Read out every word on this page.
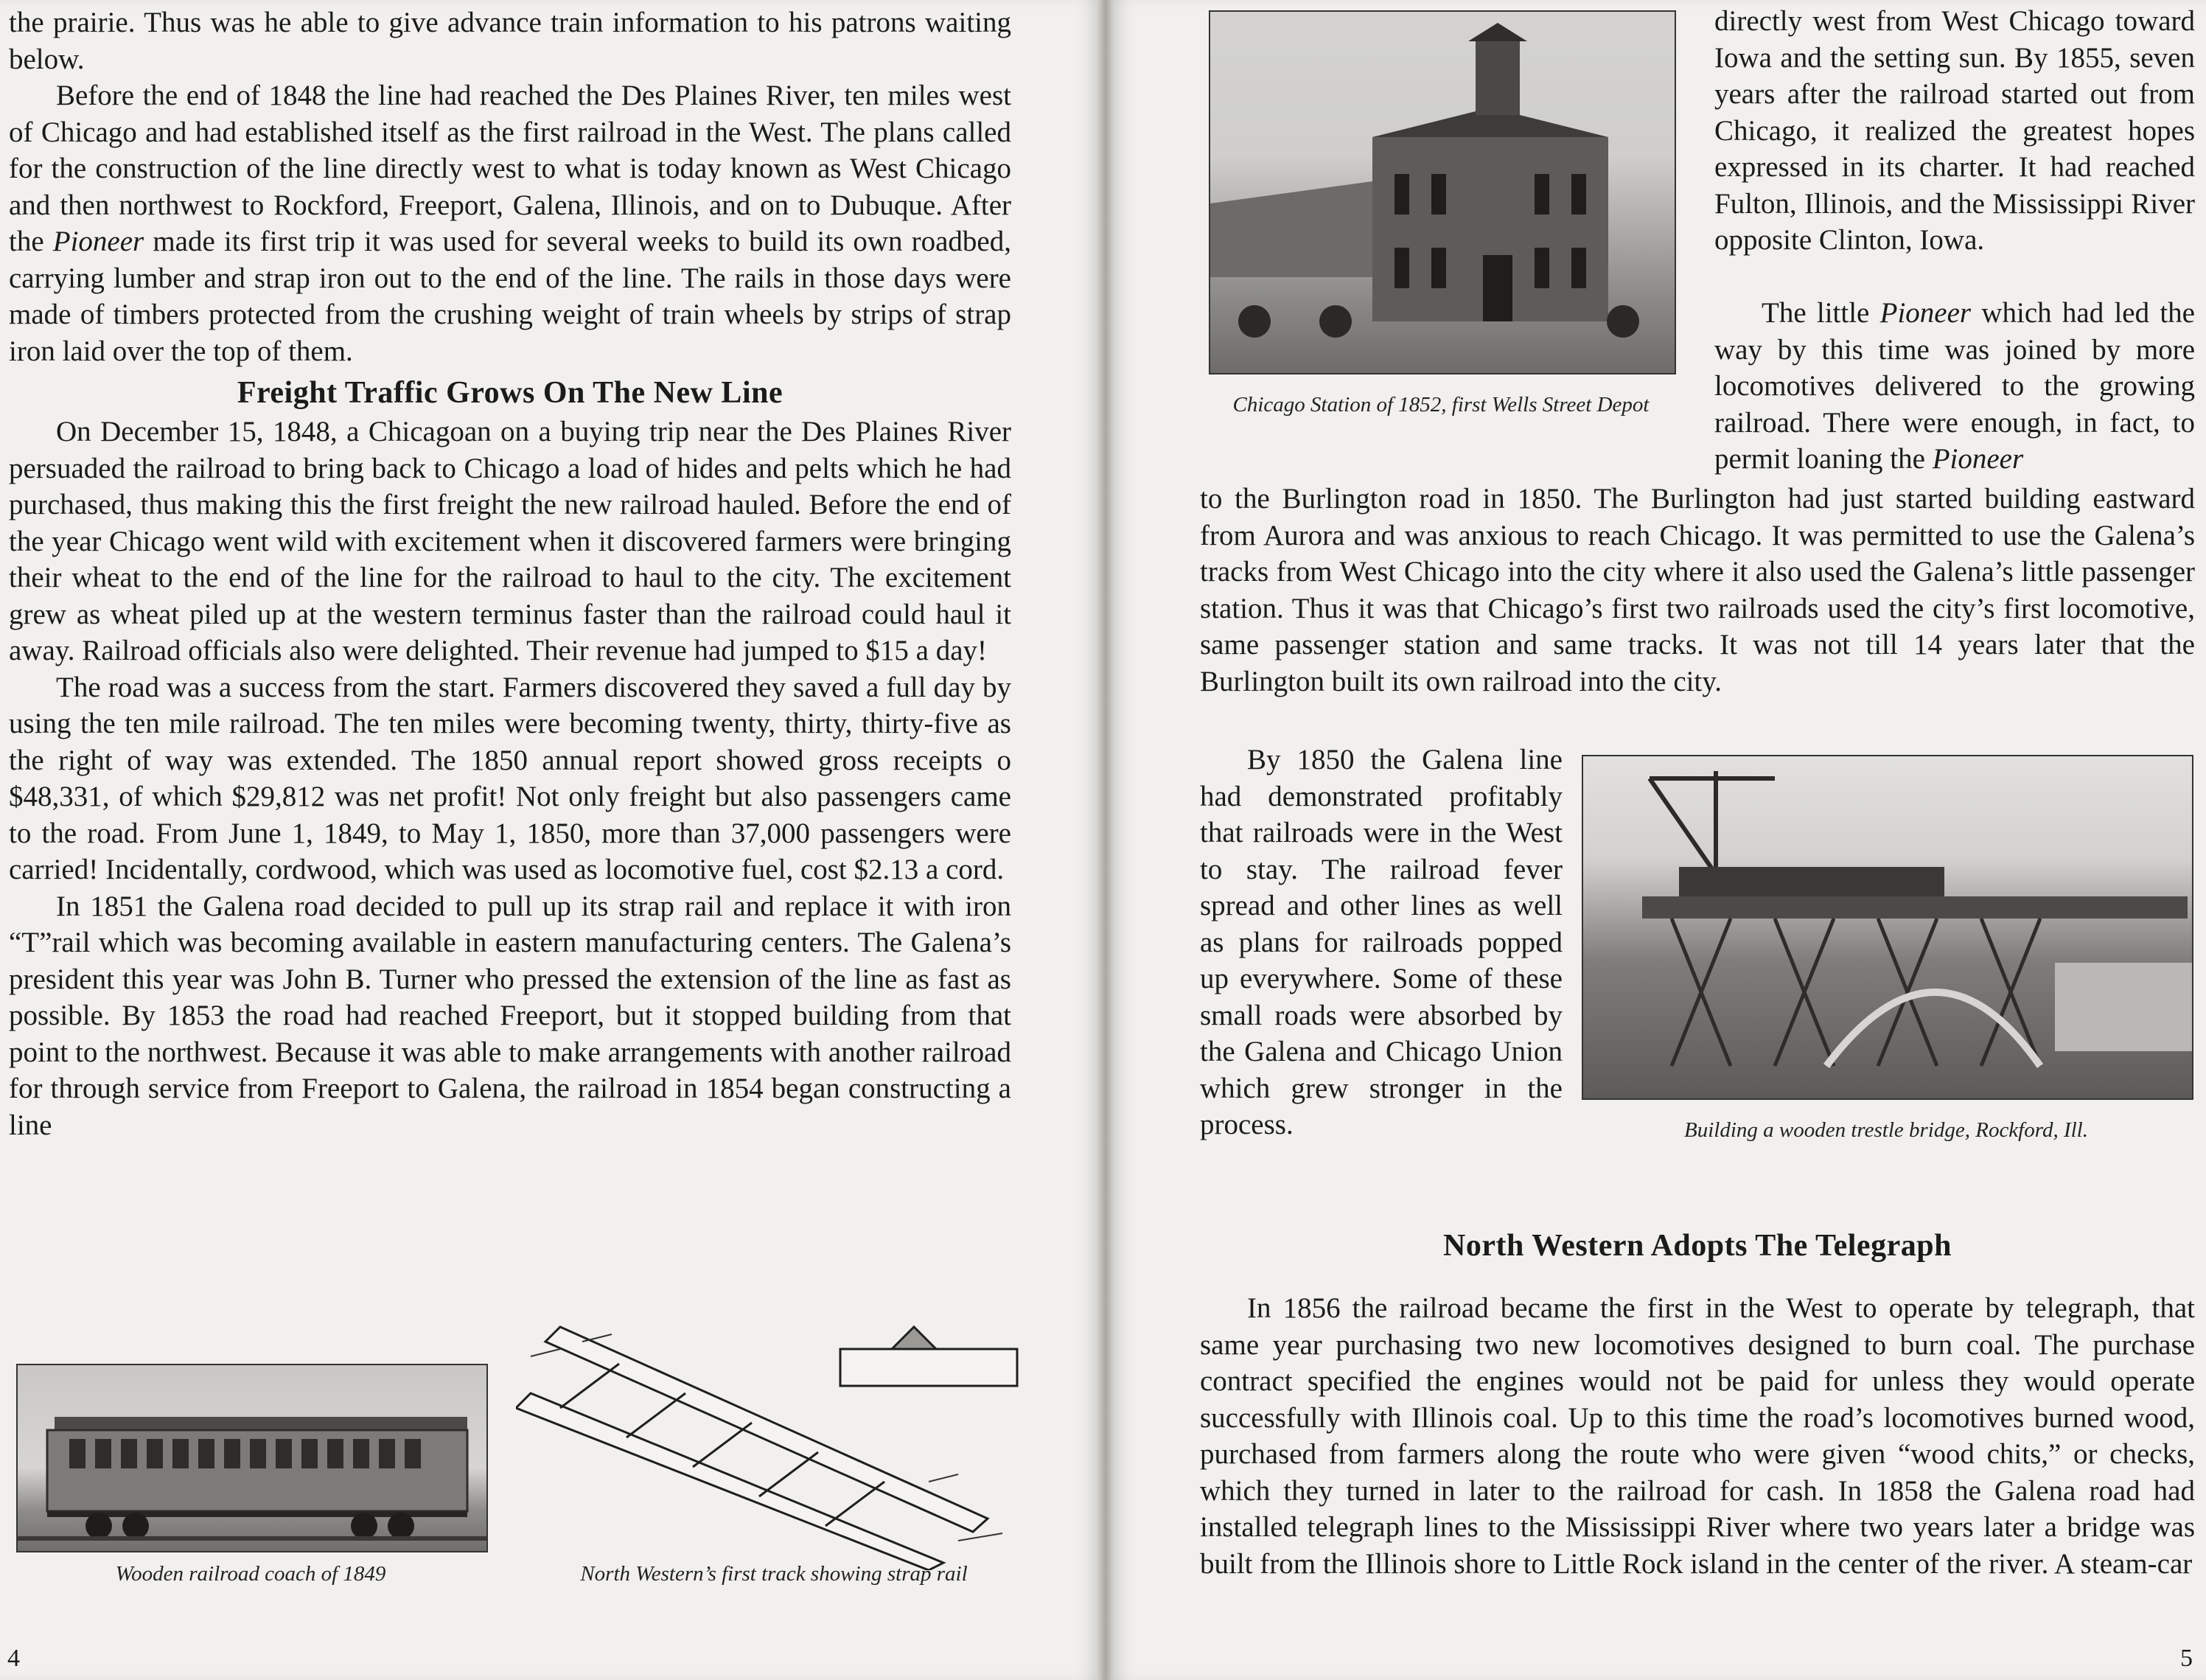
the prairie. Thus was he able to give advance train information to his patrons waiting below.

Before the end of 1848 the line had reached the Des Plaines River, ten miles west of Chicago and had established itself as the first railroad in the West. The plans called for the construction of the line directly west to what is today known as West Chicago and then northwest to Rockford, Freeport, Galena, Illinois, and on to Dubuque. After the Pioneer made its first trip it was used for several weeks to build its own roadbed, carrying lumber and strap iron out to the end of the line. The rails in those days were made of timbers protected from the crushing weight of train wheels by strips of strap iron laid over the top of them.

Freight Traffic Grows On The New Line

On December 15, 1848, a Chicagoan on a buying trip near the Des Plaines River persuaded the railroad to bring back to Chicago a load of hides and pelts which he had purchased, thus making this the first freight the new railroad hauled. Before the end of the year Chicago went wild with excitement when it discovered farmers were bringing their wheat to the end of the line for the railroad to haul to the city. The excitement grew as wheat piled up at the western terminus faster than the railroad could haul it away. Railroad officials also were delighted. Their revenue had jumped to $15 a day!

The road was a success from the start. Farmers discovered they saved a full day by using the ten mile railroad. The ten miles were becoming twenty, thirty, thirty-five as the right of way was extended. The 1850 annual report showed gross receipts o $48,331, of which $29,812 was net profit! Not only freight but also passengers came to the road. From June 1, 1849, to May 1, 1850, more than 37,000 passengers were carried! Incidentally, cordwood, which was used as locomotive fuel, cost $2.13 a cord.

In 1851 the Galena road decided to pull up its strap rail and replace it with iron “T”rail which was becoming available in eastern manufacturing centers. The Galena’s president this year was John B. Turner who pressed the extension of the line as fast as possible. By 1853 the road had reached Freeport, but it stopped building from that point to the northwest. Because it was able to make arrangements with another railroad for through service from Freeport to Galena, the railroad in 1854 began constructing a line

Wooden railroad coach of 1849	North Western’s first track showing strap rail
4
Chicago Station of 1852, first Wells Street Depot

directly west from West Chicago toward Iowa and the setting sun. By 1855, seven years after the railroad started out from Chicago, it realized the greatest hopes expressed in its charter. It had reached Fulton, Illinois, and the Mississippi River opposite Clinton, Iowa.

The little Pioneer which had led the way by this time was joined by more locomotives delivered to the growing railroad. There were enough, in fact, to permit loaning the Pioneer

to the Burlington road in 1850. The Burlington had just started building eastward from Aurora and was anxious to reach Chicago. It was permitted to use the Galena’s tracks from West Chicago into the city where it also used the Galena’s little passenger station. Thus it was that Chicago’s first two railroads used the city’s first locomotive, same passenger station and same tracks. It was not till 14 years later that the Burlington built its own railroad into the city.

Building a wooden trestle bridge, Rockford, Ill.

By 1850 the Galena line had demonstrated profitably that railroads were in the West to stay. The railroad fever spread and other lines as well as plans for railroads popped up everywhere. Some of these small roads were absorbed by the Galena and Chicago Union which grew stronger in the process.

North Western Adopts The Telegraph

In 1856 the railroad became the first in the West to operate by telegraph, that same year purchasing two new locomotives designed to burn coal. The purchase contract specified the engines would not be paid for unless they would operate successfully with Illinois coal. Up to this time the road’s locomotives burned wood, purchased from farmers along the route who were given “wood chits,” or checks, which they turned in later to the railroad for cash. In 1858 the Galena road had installed telegraph lines to the Mississippi River where two years later a bridge was built from the Illinois shore to Little Rock island in the center of the river. A steam-car

5
